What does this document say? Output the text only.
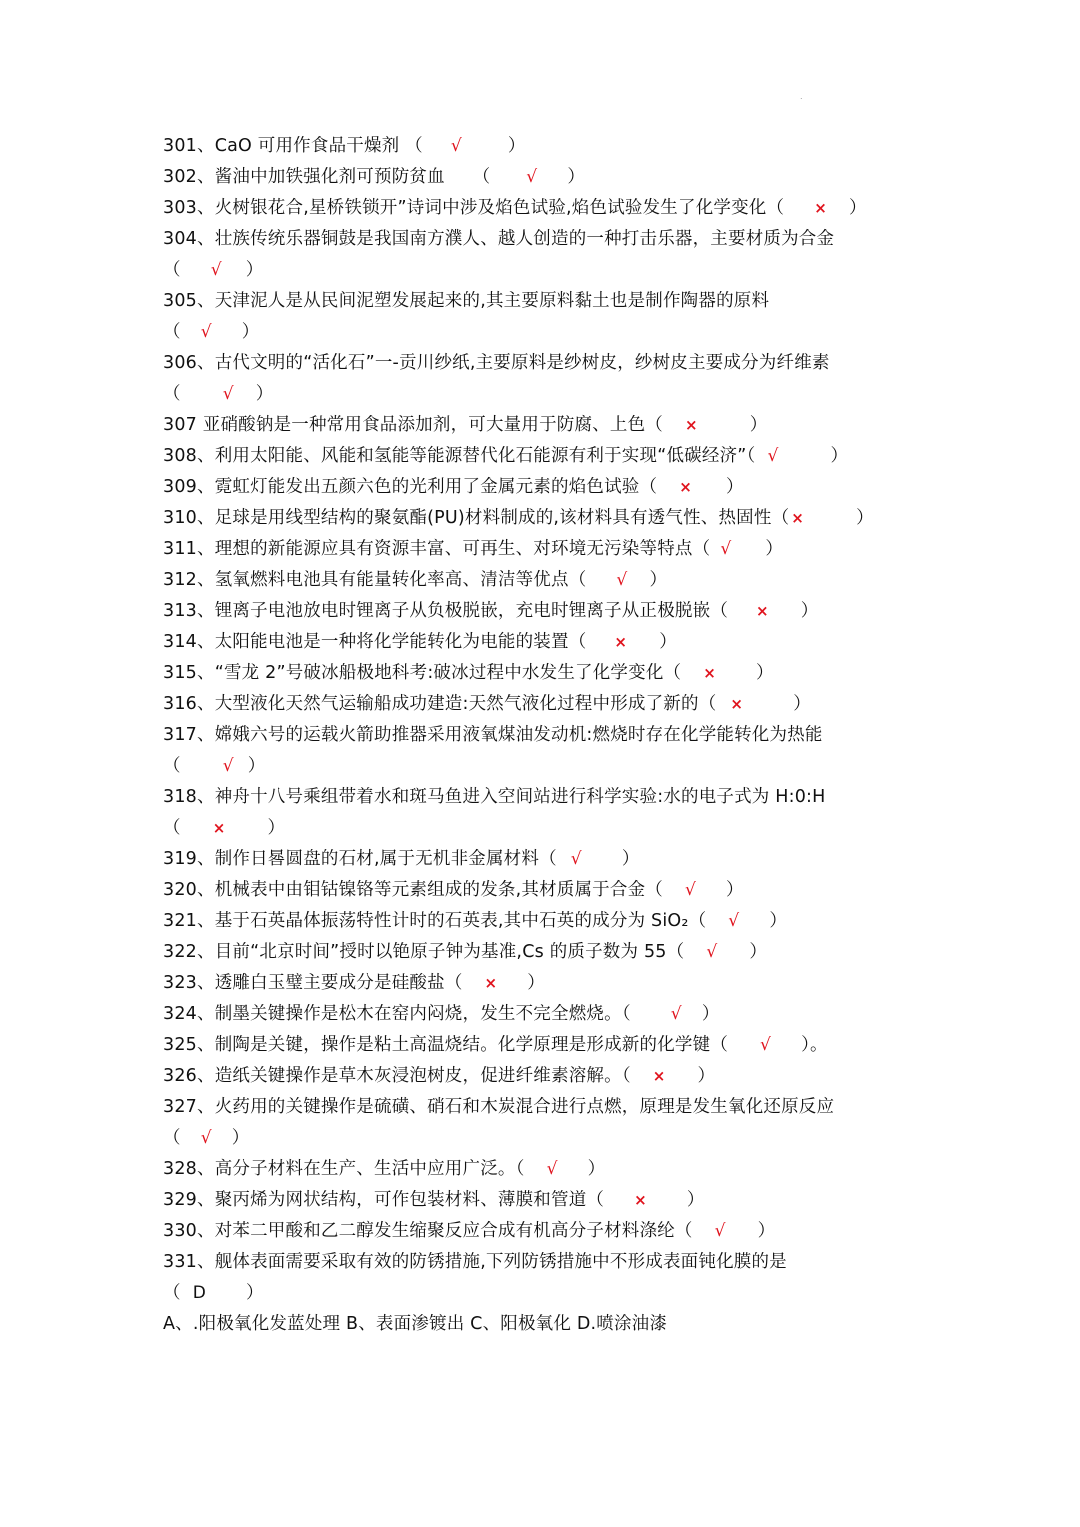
.
301、CaO 可用作食品干燥剂 （ √	）
302、酱油中加铁强化剂可预防贫血 （ √ ）
303、火树银花合,星桥铁锁开”诗词中涉及焰色试验,焰色试验发生了化学变化（ × ）
304、壮族传统乐器铜鼓是我国南方濮人、越人创造的一种打击乐器，主要材质为合金
（ √ ）
305、天津泥人是从民间泥塑发展起来的,其主要原料黏土也是制作陶器的原料
（ √ ）
306、古代文明的“活化石”一-贡川纱纸,主要原料是纱树皮，纱树皮主要成分为纤维素
（ √ ）
307 亚硝酸钠是一种常用食品添加剂，可大量用于防腐、上色（ ×	）
308、利用太阳能、风能和氢能等能源替代化石能源有利于实现“低碳经济”（ √	）
309、霓虹灯能发出五颜六色的光利用了金属元素的焰色试验（ × ）
310、足球是用线型结构的聚氨酯(PU)材料制成的,该材料具有透气性、热固性（ ×	）
311、理想的新能源应具有资源丰富、可再生、对环境无污染等特点（ √ ）
312、氢氧燃料电池具有能量转化率高、清洁等优点（ √ ）
313、锂离子电池放电时锂离子从负极脱嵌，充电时锂离子从正极脱嵌（ × ）
314、太阳能电池是一种将化学能转化为电能的装置（ × ）
315、“雪龙 2”号破冰船极地科考:破冰过程中水发生了化学变化（ × ）
316、大型液化天然气运输船成功建造:天然气液化过程中形成了新的（ ×	）
317、嫦娥六号的运载火箭助推器采用液氧煤油发动机:燃烧时存在化学能转化为热能
（ √ ）
318、神舟十八号乘组带着水和斑马鱼进入空间站进行科学实验:水的电子式为 H:0:H
（ × ）
319、制作日晷圆盘的石材,属于无机非金属材料（ √ ）
320、机械表中由钼钴镍铬等元素组成的发条,其材质属于合金（ √ ）
321、基于石英晶体振荡特性计时的石英表,其中石英的成分为 SiO₂（ √ ）
322、目前“北京时间”授时以铯原子钟为基准,Cs 的质子数为 55（ √ ）
323、透雕白玉璧主要成分是硅酸盐（ × ）
324、制墨关键操作是松木在窑内闷烧，发生不完全燃烧。（ √ ）
325、制陶是关键，操作是粘土高温烧结。化学原理是形成新的化学键（ √ ）。
326、造纸关键操作是草木灰浸泡树皮，促进纤维素溶解。（ × ）
327、火药用的关键操作是硫磺、硝石和木炭混合进行点燃，原理是发生氧化还原反应
（ √ ）
328、高分子材料在生产、生活中应用广泛。（ √ ）
329、聚丙烯为网状结构，可作包装材料、薄膜和管道（ × ）
330、对苯二甲酸和乙二醇发生缩聚反应合成有机高分子材料涤纶（ √ ）
331、舰体表面需要采取有效的防锈措施,下列防锈措施中不形成表面钝化膜的是
（ D ）
A、.阳极氧化发蓝处理 B、表面渗镀出 C、阳极氧化 D.喷涂油漆
